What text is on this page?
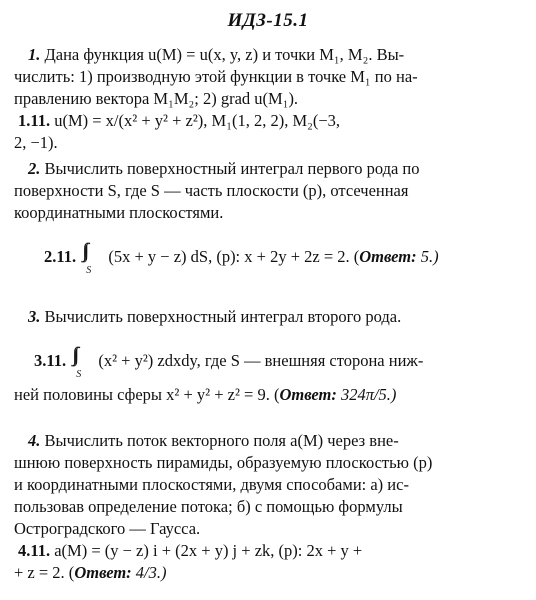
ИДЗ-15.1
1. Дана функция u(M) = u(x, y, z) и точки M₁, M₂. Вы-
числить: 1) производную этой функции в точке M₁ по на-
правлению вектора M₁M₂; 2) grad u(M₁).
1.11. u(M) = x/(x² + y² + z²), M₁(1, 2, 2), M₂(−3,
2, −1).
2. Вычислить поверхностный интеграл первого рода по
поверхности S, где S — часть плоскости (p), отсеченная
координатными плоскостями.
2.11. ∫∫
S
(5x + y − z) dS, (p): x + 2y + 2z = 2. (Ответ: 5.)
3. Вычислить поверхностный интеграл второго рода.
3.11. ∫∫
S
(x² + y²) zdxdy, где S — внешняя сторона ниж-
ней половины сферы x² + y² + z² = 9. (Ответ: 324π/5.)
4. Вычислить поток векторного поля a(M) через вне-
шнюю поверхность пирамиды, образуемую плоскостью (p)
и координатными плоскостями, двумя способами: а) ис-
пользовав определение потока; б) с помощью формулы
Остроградского — Гаусса.
4.11. a(M) = (y − z) i + (2x + y) j + zk, (p): 2x + y +
+ z = 2. (Ответ: 4/3.)
